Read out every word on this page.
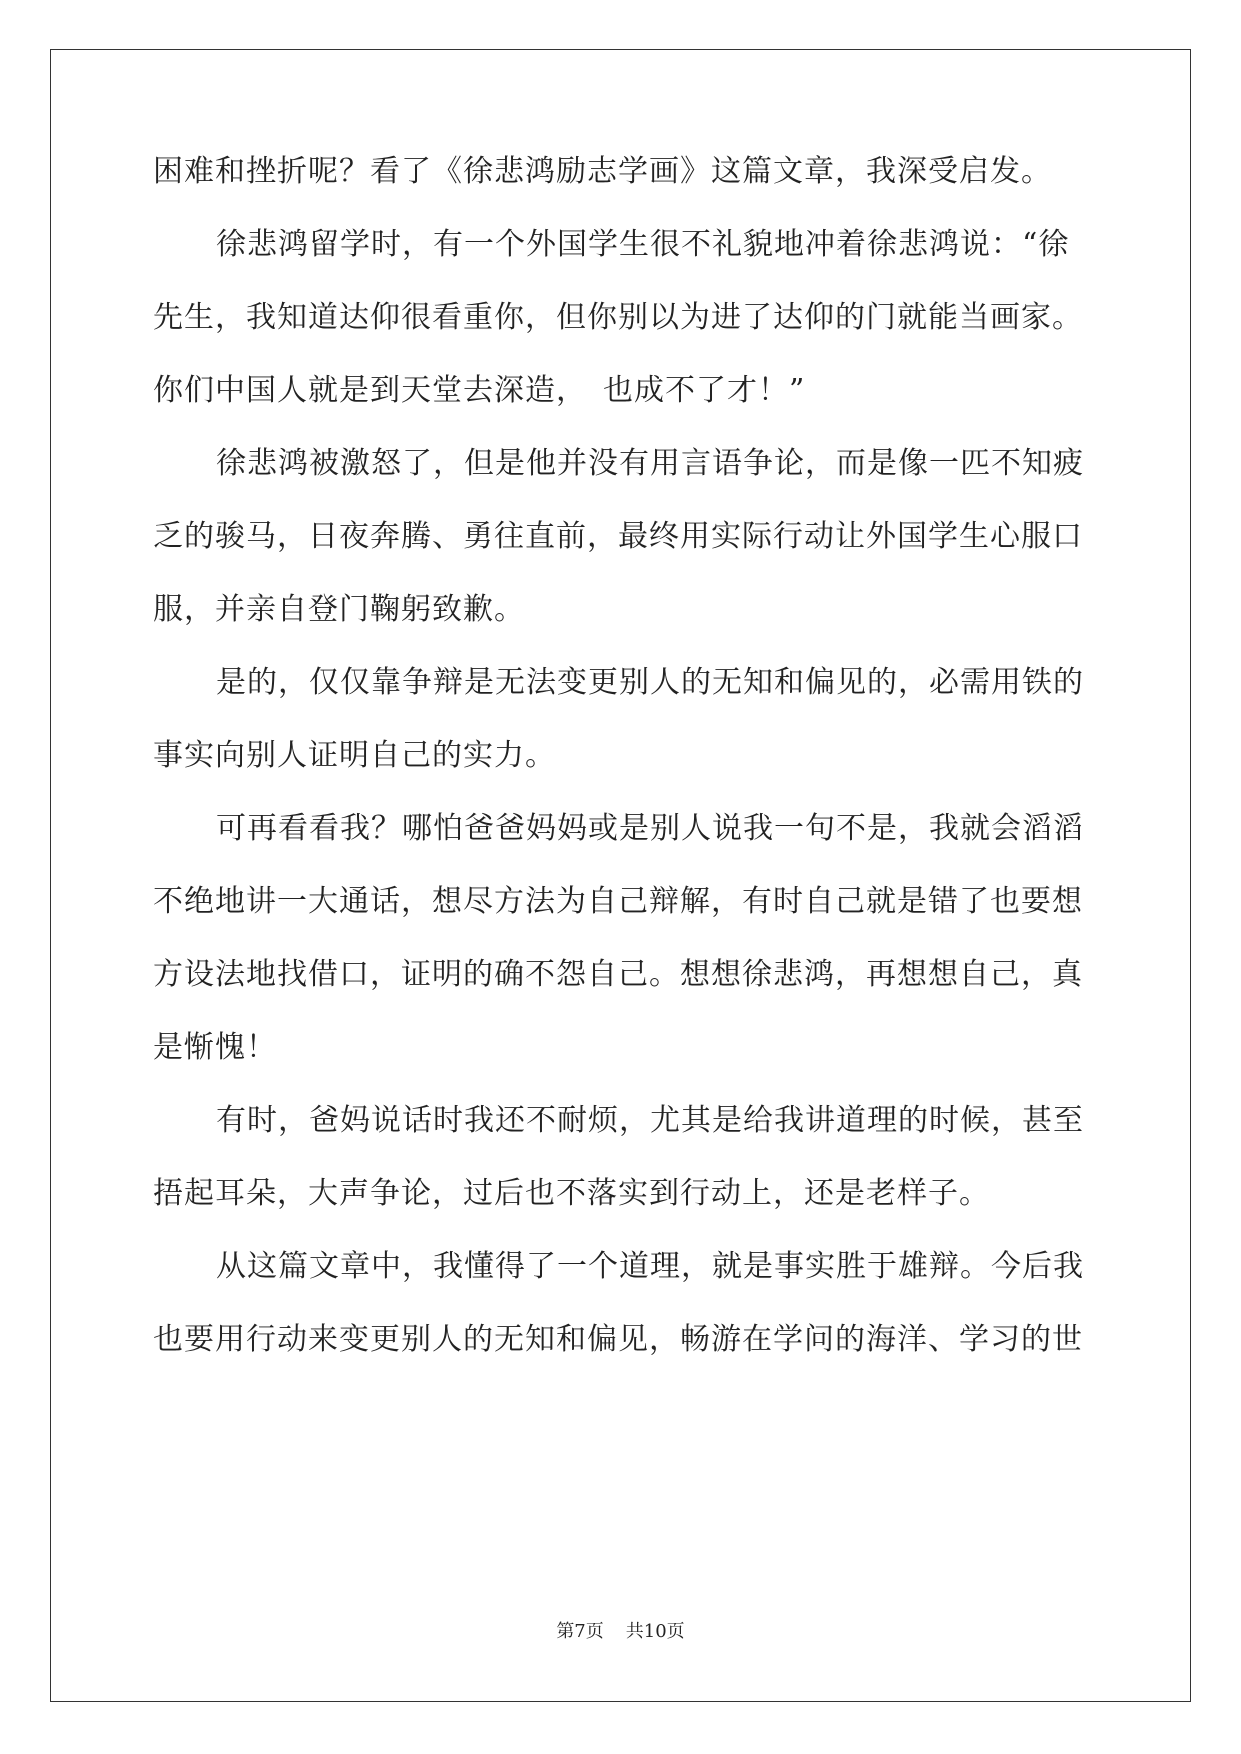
困难和挫折呢？看了《徐悲鸿励志学画》这篇文章，我深受启发。
徐悲鸿留学时，有一个外国学生很不礼貌地冲着徐悲鸿说：“徐
先生，我知道达仰很看重你，但你别以为进了达仰的门就能当画家。
你们中国人就是到天堂去深造，　也成不了才！”
徐悲鸿被激怒了，但是他并没有用言语争论，而是像一匹不知疲
乏的骏马，日夜奔腾、勇往直前，最终用实际行动让外国学生心服口
服，并亲自登门鞠躬致歉。
是的，仅仅靠争辩是无法变更别人的无知和偏见的，必需用铁的
事实向别人证明自己的实力。
可再看看我？哪怕爸爸妈妈或是别人说我一句不是，我就会滔滔
不绝地讲一大通话，想尽方法为自己辩解，有时自己就是错了也要想
方设法地找借口，证明的确不怨自己。想想徐悲鸿，再想想自己，真
是惭愧！
有时，爸妈说话时我还不耐烦，尤其是给我讲道理的时候，甚至
捂起耳朵，大声争论，过后也不落实到行动上，还是老样子。
从这篇文章中，我懂得了一个道理，就是事实胜于雄辩。今后我
也要用行动来变更别人的无知和偏见，畅游在学问的海洋、学习的世
第7页 共10页
